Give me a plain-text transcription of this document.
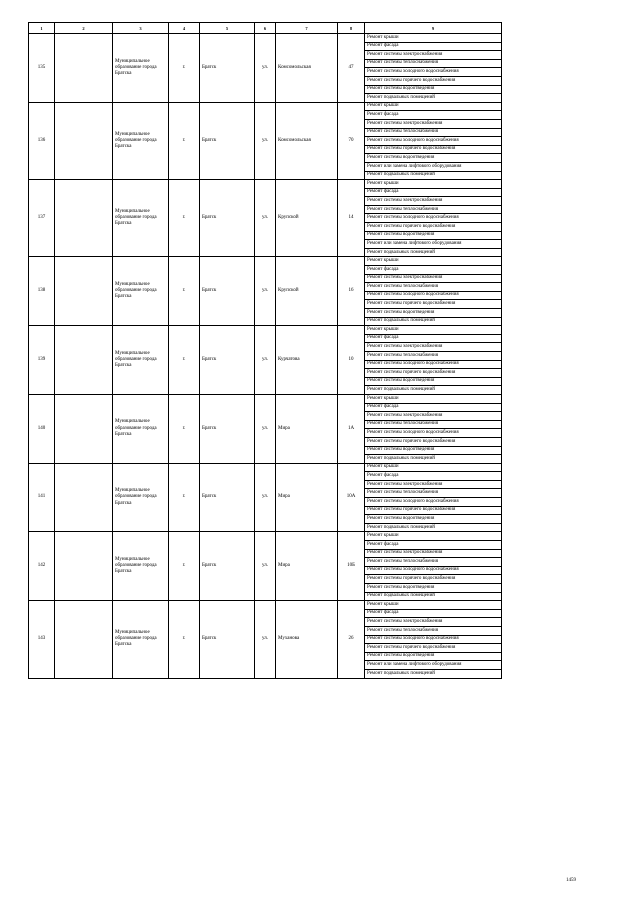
1	2	3	4	5	6	7	8	9
135		Муниципальное образование города Братска	г.	Братск	ул.	Комсомольская	47	Ремонт крыши
								Ремонт фасада
								Ремонт системы электроснабжения
								Ремонт системы теплоснабжения
								Ремонт системы холодного водоснабжения
								Ремонт системы горячего водоснабжения
								Ремонт системы водоотведения
								Ремонт подвальных помещений
136		Муниципальное образование города Братска	г.	Братск	ул.	Комсомольская	70	Ремонт крыши
								Ремонт фасада
								Ремонт системы электроснабжения
								Ремонт системы теплоснабжения
								Ремонт системы холодного водоснабжения
								Ремонт системы горячего водоснабжения
								Ремонт системы водоотведения
								Ремонт или замена лифтового оборудования
								Ремонт подвальных помещений
137		Муниципальное образование города Братска	г.	Братск	ул.	Крупской	14	Ремонт крыши
								Ремонт фасада
								Ремонт системы электроснабжения
								Ремонт системы теплоснабжения
								Ремонт системы холодного водоснабжения
								Ремонт системы горячего водоснабжения
								Ремонт системы водоотведения
								Ремонт или замена лифтового оборудования
								Ремонт подвальных помещений
138		Муниципальное образование города Братска	г.	Братск	ул.	Крупской	16	Ремонт крыши
								Ремонт фасада
								Ремонт системы электроснабжения
								Ремонт системы теплоснабжения
								Ремонт системы холодного водоснабжения
								Ремонт системы горячего водоснабжения
								Ремонт системы водоотведения
								Ремонт подвальных помещений
139		Муниципальное образование города Братска	г.	Братск	ул.	Курчатова	10	Ремонт крыши
								Ремонт фасада
								Ремонт системы электроснабжения
								Ремонт системы теплоснабжения
								Ремонт системы холодного водоснабжения
								Ремонт системы горячего водоснабжения
								Ремонт системы водоотведения
								Ремонт подвальных помещений
140		Муниципальное образование города Братска	г.	Братск	ул.	Мира	1А	Ремонт крыши
								Ремонт фасада
								Ремонт системы электроснабжения
								Ремонт системы теплоснабжения
								Ремонт системы холодного водоснабжения
								Ремонт системы горячего водоснабжения
								Ремонт системы водоотведения
								Ремонт подвальных помещений
141		Муниципальное образование города Братска	г.	Братск	ул.	Мира	10А	Ремонт крыши
								Ремонт фасада
								Ремонт системы электроснабжения
								Ремонт системы теплоснабжения
								Ремонт системы холодного водоснабжения
								Ремонт системы горячего водоснабжения
								Ремонт системы водоотведения
								Ремонт подвальных помещений
142		Муниципальное образование города Братска	г.	Братск	ул.	Мира	10Б	Ремонт крыши
								Ремонт фасада
								Ремонт системы электроснабжения
								Ремонт системы теплоснабжения
								Ремонт системы холодного водоснабжения
								Ремонт системы горячего водоснабжения
								Ремонт системы водоотведения
								Ремонт подвальных помещений
143		Муниципальное образование города Братска	г.	Братск	ул.	Муханова	26	Ремонт крыши
								Ремонт фасада
								Ремонт системы электроснабжения
								Ремонт системы теплоснабжения
								Ремонт системы холодного водоснабжения
								Ремонт системы горячего водоснабжения
								Ремонт системы водоотведения
								Ремонт или замена лифтового оборудования
								Ремонт подвальных помещений
1459
